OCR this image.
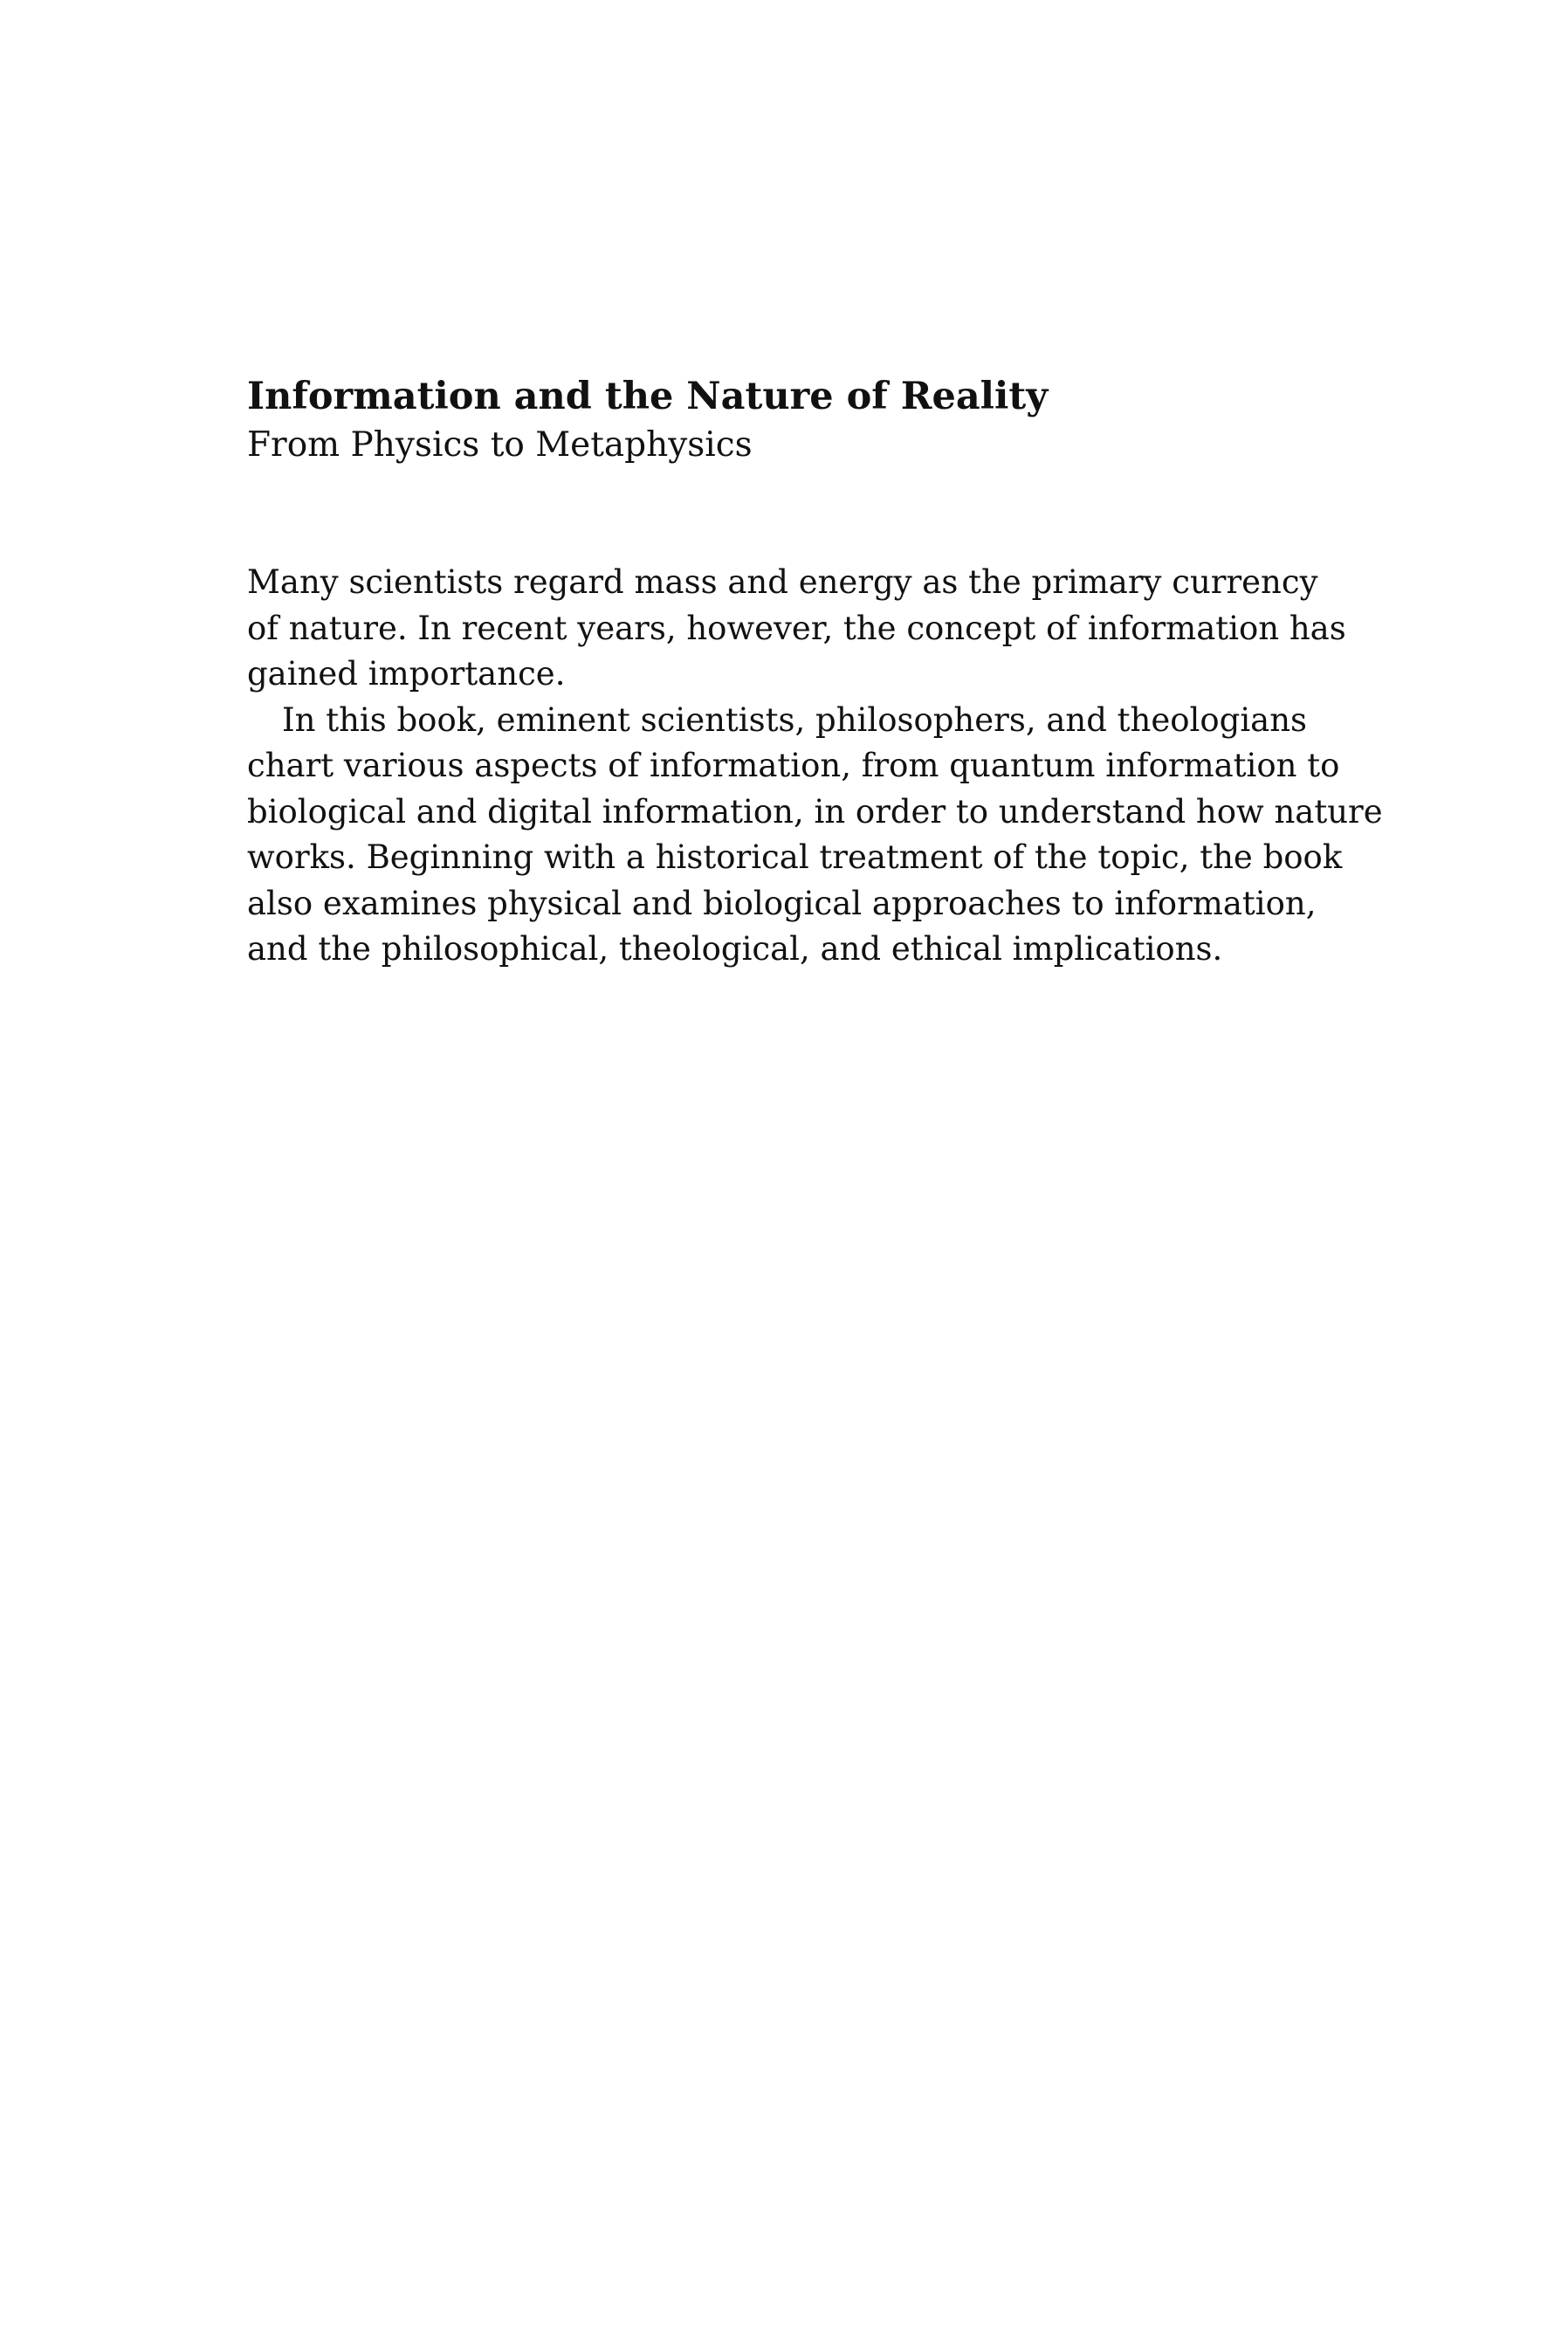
Information and the Nature of Reality
From Physics to Metaphysics
Many scientists regard mass and energy as the primary currency
of nature. In recent years, however, the concept of information has
gained importance.
In this book, eminent scientists, philosophers, and theologians
chart various aspects of information, from quantum information to
biological and digital information, in order to understand how nature
works. Beginning with a historical treatment of the topic, the book
also examines physical and biological approaches to information,
and the philosophical, theological, and ethical implications.
